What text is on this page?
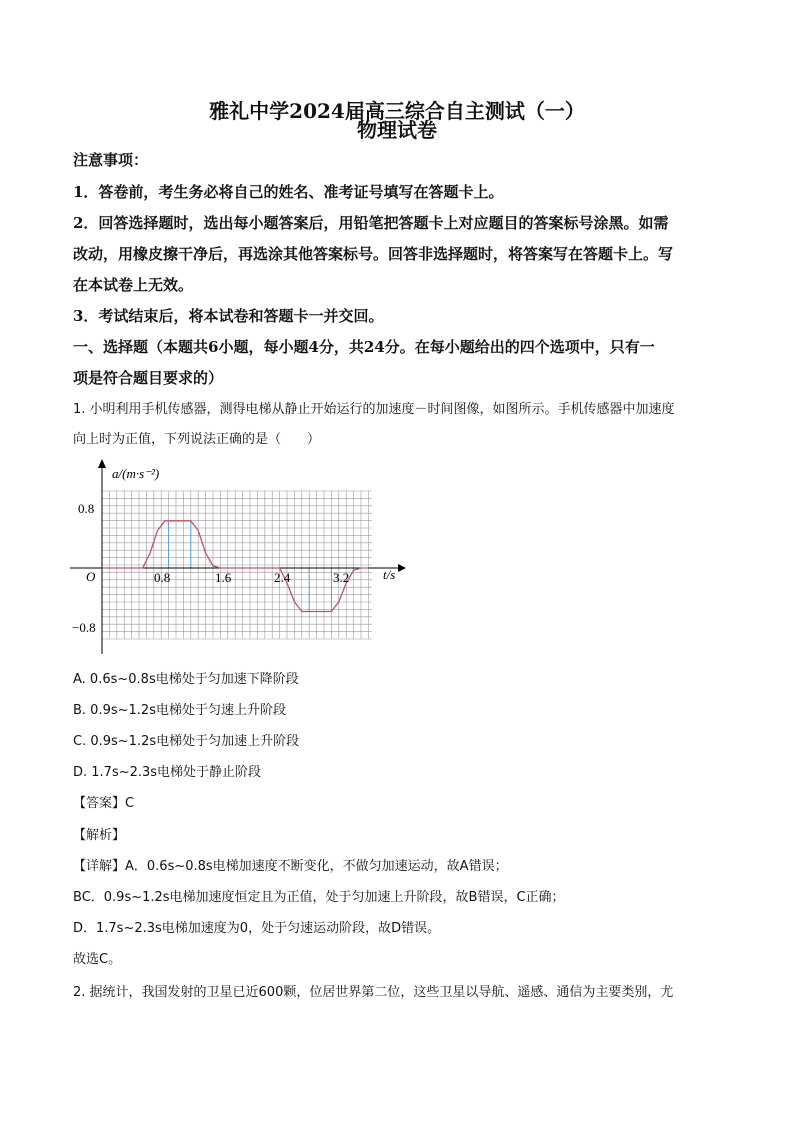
雅礼中学2024届高三综合自主测试（一）
物理试卷
注意事项：
1．答卷前，考生务必将自己的姓名、准考证号填写在答题卡上。
2．回答选择题时，选出每小题答案后，用铅笔把答题卡上对应题目的答案标号涂黑。如需
改动，用橡皮擦干净后，再选涂其他答案标号。回答非选择题时，将答案写在答题卡上。写
在本试卷上无效。
3．考试结束后，将本试卷和答题卡一并交回。
一、选择题（本题共6小题，每小题4分，共24分。在每小题给出的四个选项中，只有一
项是符合题目要求的）
1. 小明利用手机传感器，测得电梯从静止开始运行的加速度－时间图像，如图所示。手机传感器中加速度
向上时为正值，下列说法正确的是（　　）
a/(m·s⁻²)
t/s
O
0.8
−0.8
0.8	1.6	2.4	3.2
A. 0.6s~0.8s电梯处于匀加速下降阶段
B. 0.9s~1.2s电梯处于匀速上升阶段
C. 0.9s~1.2s电梯处于匀加速上升阶段
D. 1.7s~2.3s电梯处于静止阶段
【答案】C
【解析】
【详解】A．0.6s~0.8s电梯加速度不断变化，不做匀加速运动，故A错误；
BC．0.9s~1.2s电梯加速度恒定且为正值，处于匀加速上升阶段，故B错误，C正确；
D．1.7s~2.3s电梯加速度为0，处于匀速运动阶段，故D错误。
故选C。
2. 据统计，我国发射的卫星已近600颗，位居世界第二位，这些卫星以导航、遥感、通信为主要类别，尤
